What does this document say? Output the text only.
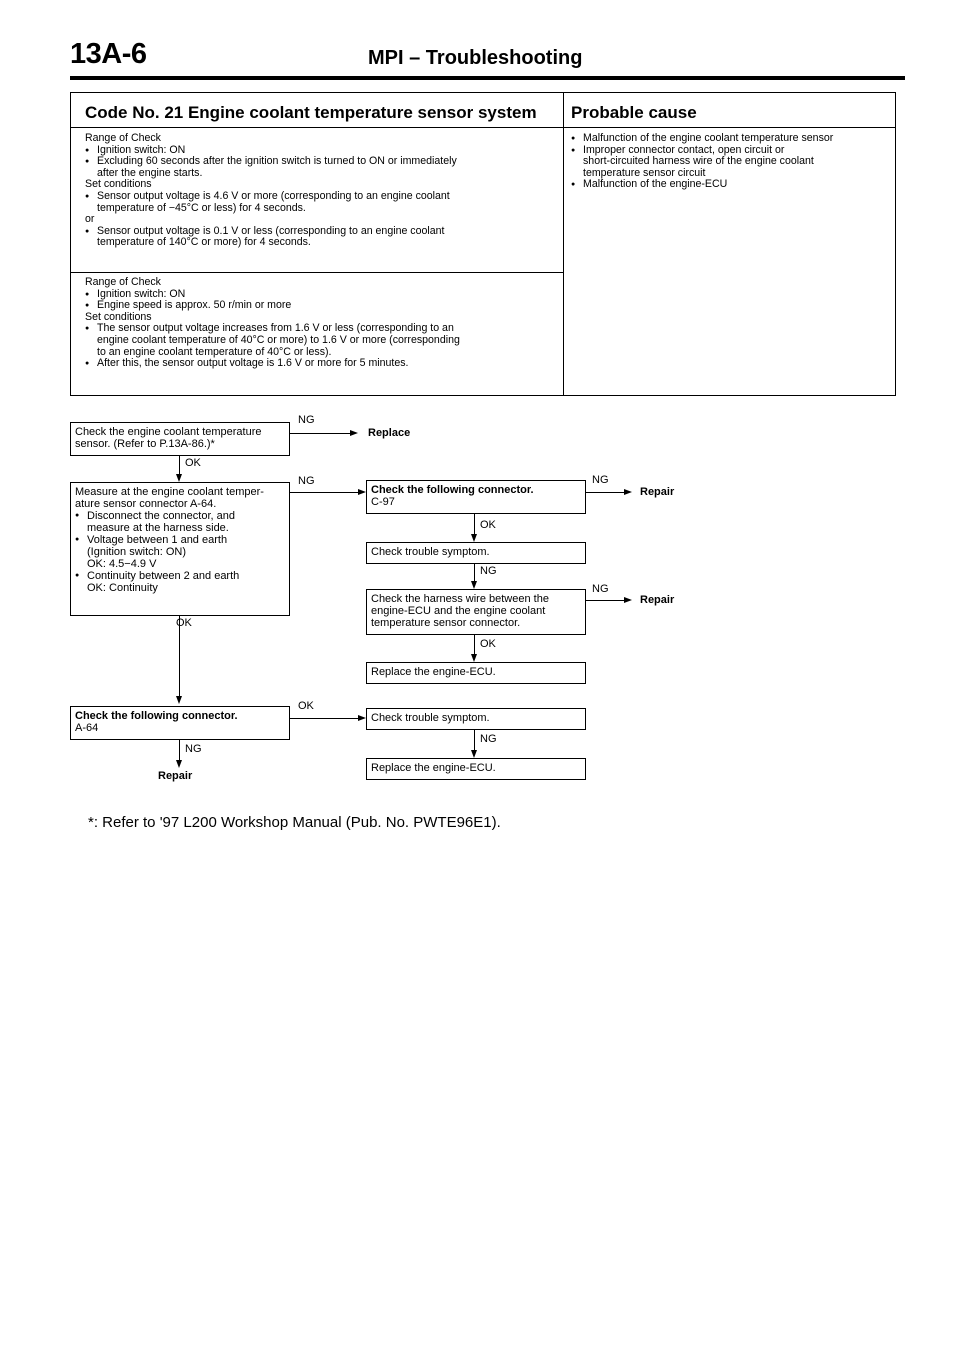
13A-6	MPI – Troubleshooting
Code No. 21 Engine coolant temperature sensor system Probable cause
Range of Check
● Ignition switch: ON
● Excluding 60 seconds after the ignition switch is turned to ON or immediately
after the engine starts.
Set conditions
● Sensor output voltage is 4.6 V or more (corresponding to an engine coolant
temperature of −45°C or less) for 4 seconds.
or
● Sensor output voltage is 0.1 V or less (corresponding to an engine coolant
temperature of 140°C or more) for 4 seconds.
Range of Check
● Ignition switch: ON
● Engine speed is approx. 50 r/min or more
Set conditions
● The sensor output voltage increases from 1.6 V or less (corresponding to an
engine coolant temperature of 40°C or more) to 1.6 V or more (corresponding
to an engine coolant temperature of 40°C or less).
● After this, the sensor output voltage is 1.6 V or more for 5 minutes.
● Malfunction of the engine coolant temperature sensor
● Improper connector contact, open circuit or
short-circuited harness wire of the engine coolant
temperature sensor circuit
● Malfunction of the engine-ECU
Check the engine coolant temperature
sensor. (Refer to P.13A-86.)*
NG
Replace
OK
Measure at the engine coolant temper-
ature sensor connector A-64.
● Disconnect the connector, and
measure at the harness side.
● Voltage between 1 and earth
(Ignition switch: ON)
OK: 4.5−4.9 V
● Continuity between 2 and earth
OK: Continuity
NG
OK
Check the following connector.
C-97
NG
Repair
OK
Check trouble symptom.
NG
Check the harness wire between the
engine-ECU and the engine coolant
temperature sensor connector.
NG
Repair
OK
Replace the engine-ECU.
Check the following connector.
A-64
OK
NG
Repair
Check trouble symptom.
NG
Replace the engine-ECU.
*: Refer to '97 L200 Workshop Manual (Pub. No. PWTE96E1).
